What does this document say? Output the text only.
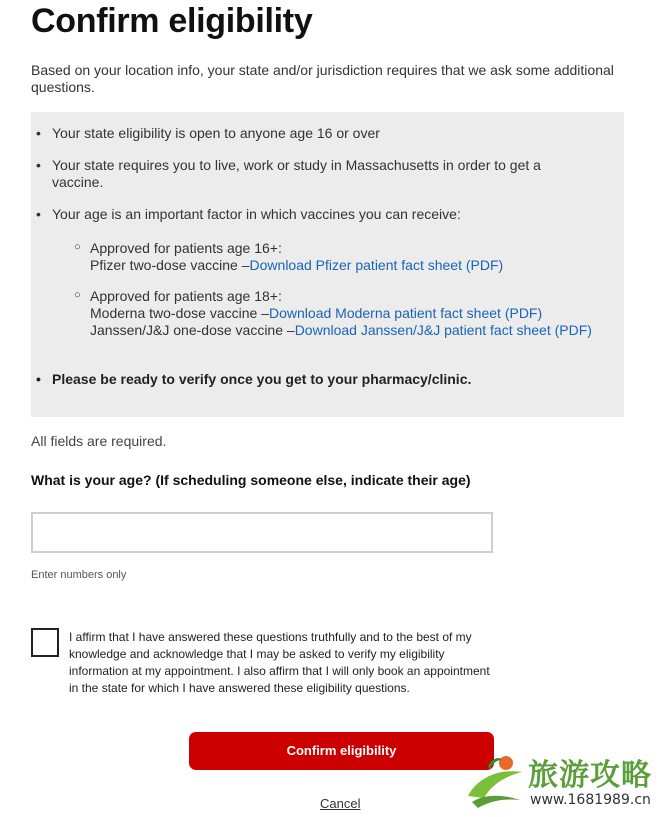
Confirm eligibility
Based on your location info, your state and/or jurisdiction requires that we ask some additional questions.
• Your state eligibility is open to anyone age 16 or over
• Your state requires you to live, work or study in Massachusetts in order to get a vaccine.
• Your age is an important factor in which vaccines you can receive:
○ Approved for patients age 16+:
Pfizer two-dose vaccine –Download Pfizer patient fact sheet (PDF)
○ Approved for patients age 18+:
Moderna two-dose vaccine –Download Moderna patient fact sheet (PDF)
Janssen/J&J one-dose vaccine –Download Janssen/J&J patient fact sheet (PDF)
• Please be ready to verify once you get to your pharmacy/clinic.
All fields are required.
What is your age? (If scheduling someone else, indicate their age)
Enter numbers only
I affirm that I have answered these questions truthfully and to the best of my knowledge and acknowledge that I may be asked to verify my eligibility information at my appointment. I also affirm that I will only book an appointment in the state for which I have answered these eligibility questions.
Confirm eligibility
Cancel
旅游攻略
www.1681989.cn
